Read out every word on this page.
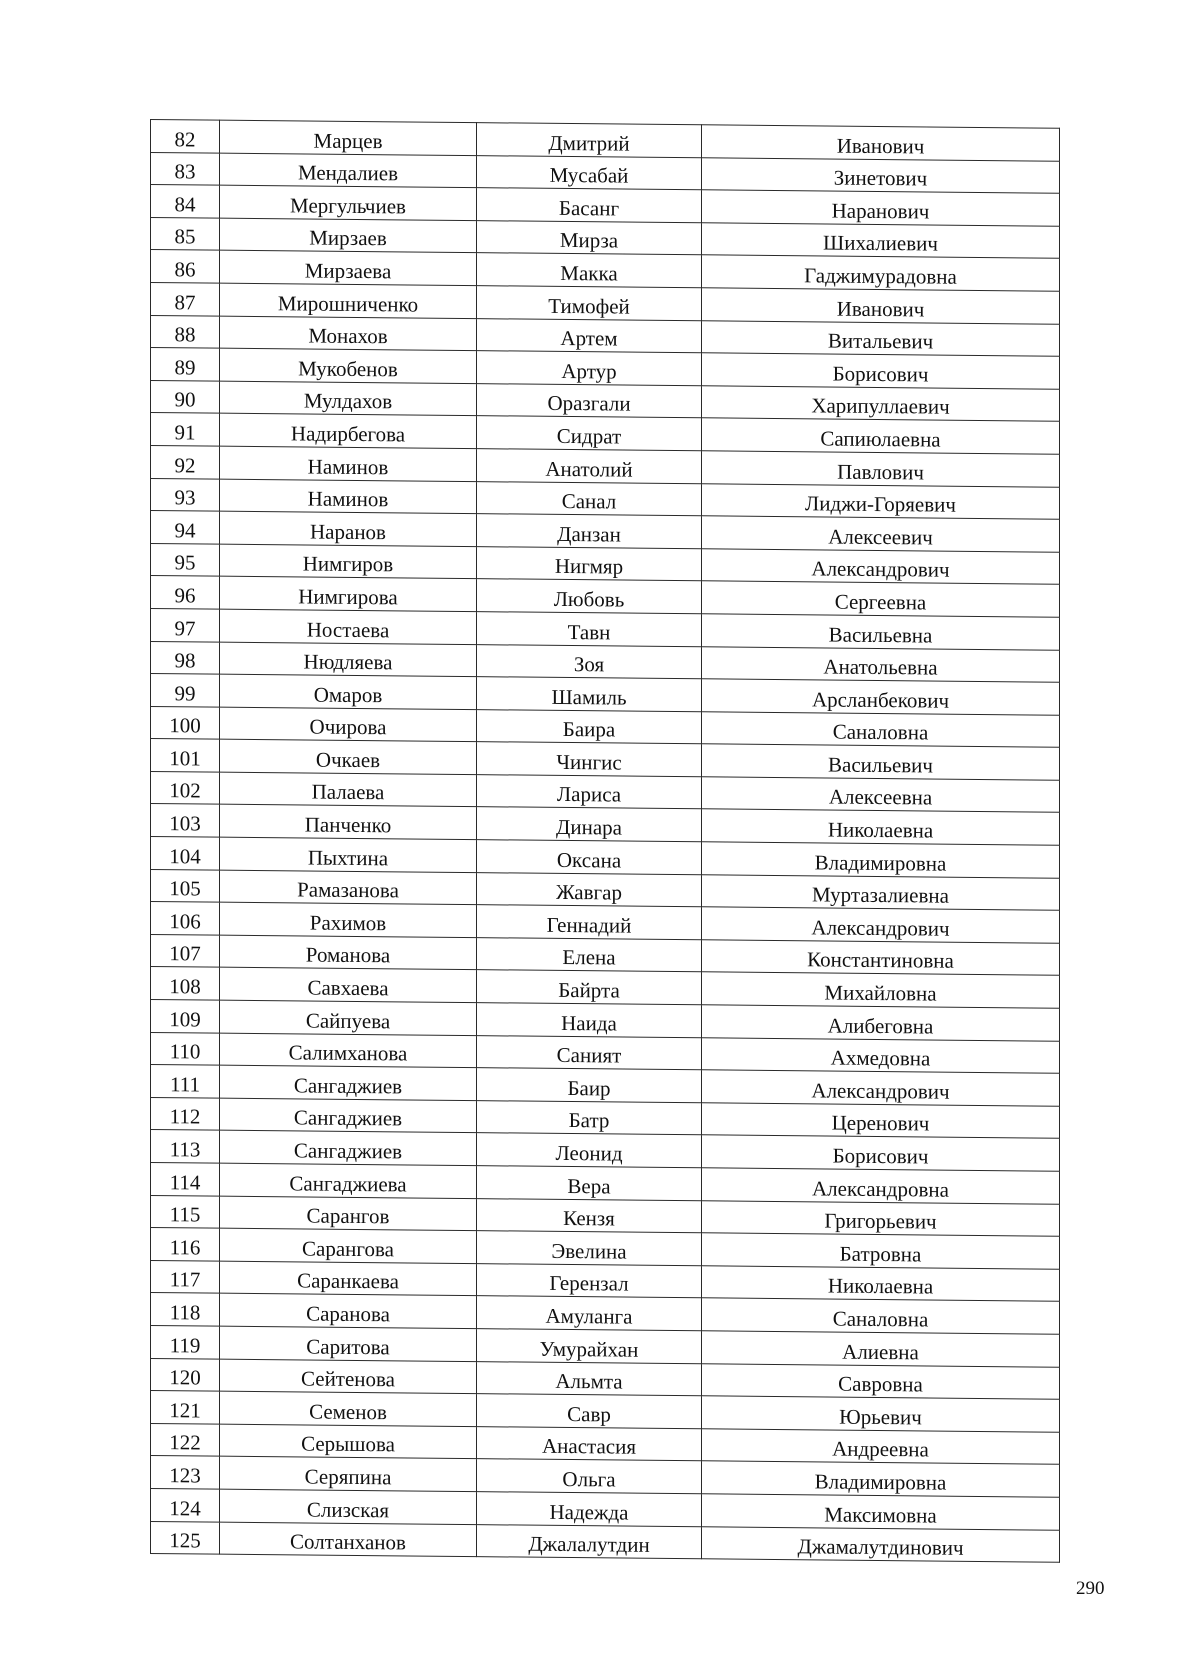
82	Марцев	Дмитрий	Иванович
83	Мендалиев	Мусабай	Зинетович
84	Мергульчиев	Басанг	Наранович
85	Мирзаев	Мирза	Шихалиевич
86	Мирзаева	Макка	Гаджимурадовна
87	Мирошниченко	Тимофей	Иванович
88	Монахов	Артем	Витальевич
89	Мукобенов	Артур	Борисович
90	Мулдахов	Оразгали	Харипуллаевич
91	Надирбегова	Сидрат	Сапиюлаевна
92	Наминов	Анатолий	Павлович
93	Наминов	Санал	Лиджи-Горяевич
94	Наранов	Данзан	Алексеевич
95	Нимгиров	Нигмяр	Александрович
96	Нимгирова	Любовь	Сергеевна
97	Ностаева	Тавн	Васильевна
98	Нюдляева	Зоя	Анатольевна
99	Омаров	Шамиль	Арсланбекович
100	Очирова	Баира	Саналовна
101	Очкаев	Чингис	Васильевич
102	Палаева	Лариса	Алексеевна
103	Панченко	Динара	Николаевна
104	Пыхтина	Оксана	Владимировна
105	Рамазанова	Жавгар	Муртазалиевна
106	Рахимов	Геннадий	Александрович
107	Романова	Елена	Константиновна
108	Савхаева	Байрта	Михайловна
109	Сайпуева	Наида	Алибеговна
110	Салимханова	Саният	Ахмедовна
111	Сангаджиев	Баир	Александрович
112	Сангаджиев	Батр	Церенович
113	Сангаджиев	Леонид	Борисович
114	Сангаджиева	Вера	Александровна
115	Сарангов	Кензя	Григорьевич
116	Сарангова	Эвелина	Батровна
117	Саранкаева	Герензал	Николаевна
118	Саранова	Амуланга	Саналовна
119	Саритова	Умурайхан	Алиевна
120	Сейтенова	Альмта	Савровна
121	Семенов	Савр	Юрьевич
122	Серышова	Анастасия	Андреевна
123	Серяпина	Ольга	Владимировна
124	Слизская	Надежда	Максимовна
125	Солтанханов	Джалалутдин	Джамалутдинович
290
